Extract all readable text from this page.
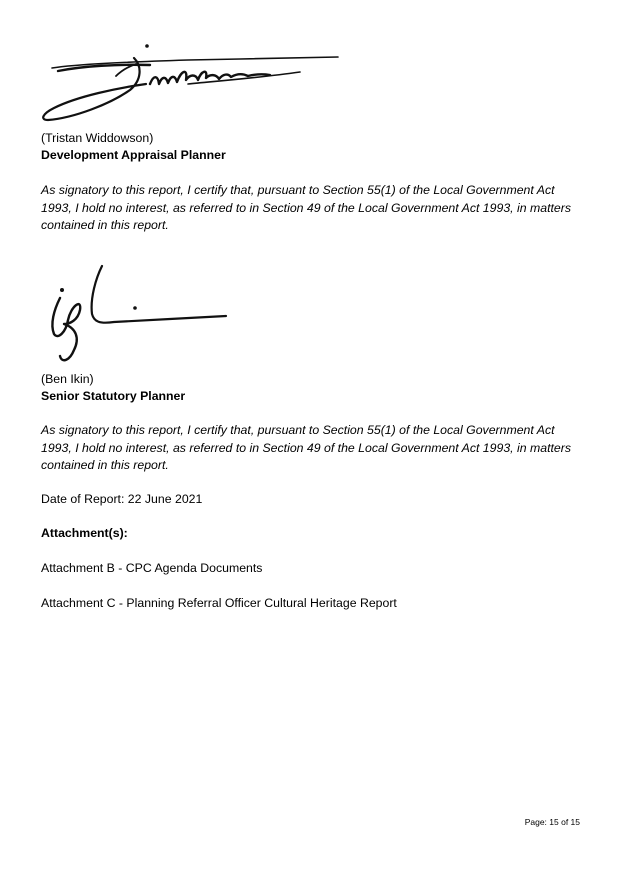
(Tristan Widdowson)

Development Appraisal Planner

As signatory to this report, I certify that, pursuant to Section 55(1) of the Local Government Act
1993, I hold no interest, as referred to in Section 49 of the Local Government Act 1993, in matters
contained in this report.

(Ben Ikin)

Senior Statutory Planner

As signatory to this report, I certify that, pursuant to Section 55(1) of the Local Government Act
1993, I hold no interest, as referred to in Section 49 of the Local Government Act 1993, in matters
contained in this report.

Date of Report: 22 June 2021

Attachment(s):

Attachment B - CPC Agenda Documents

Attachment C - Planning Referral Officer Cultural Heritage Report

Page: 15 of 15
